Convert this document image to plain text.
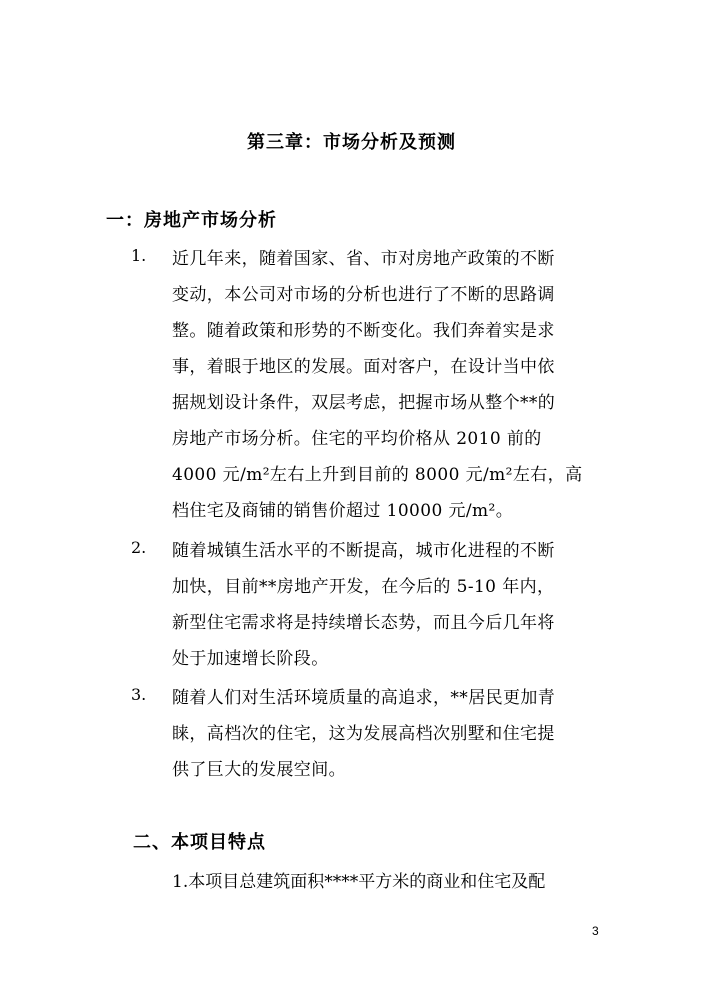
第三章：市场分析及预测
一：房地产市场分析
1. 近几年来，随着国家、省、市对房地产政策的不断
变动，本公司对市场的分析也进行了不断的思路调
整。随着政策和形势的不断变化。我们奔着实是求
事，着眼于地区的发展。面对客户，在设计当中依
据规划设计条件，双层考虑，把握市场从整个**的
房地产市场分析。住宅的平均价格从 2010 前的
4000 元/m²左右上升到目前的 8000 元/m²左右，高
档住宅及商铺的销售价超过 10000 元/m²。
2. 随着城镇生活水平的不断提高，城市化进程的不断
加快，目前**房地产开发，在今后的 5-10 年内，
新型住宅需求将是持续增长态势，而且今后几年将
处于加速增长阶段。
3. 随着人们对生活环境质量的高追求，**居民更加青
睐，高档次的住宅，这为发展高档次别墅和住宅提
供了巨大的发展空间。
二、本项目特点
1.本项目总建筑面积****平方米的商业和住宅及配
3
